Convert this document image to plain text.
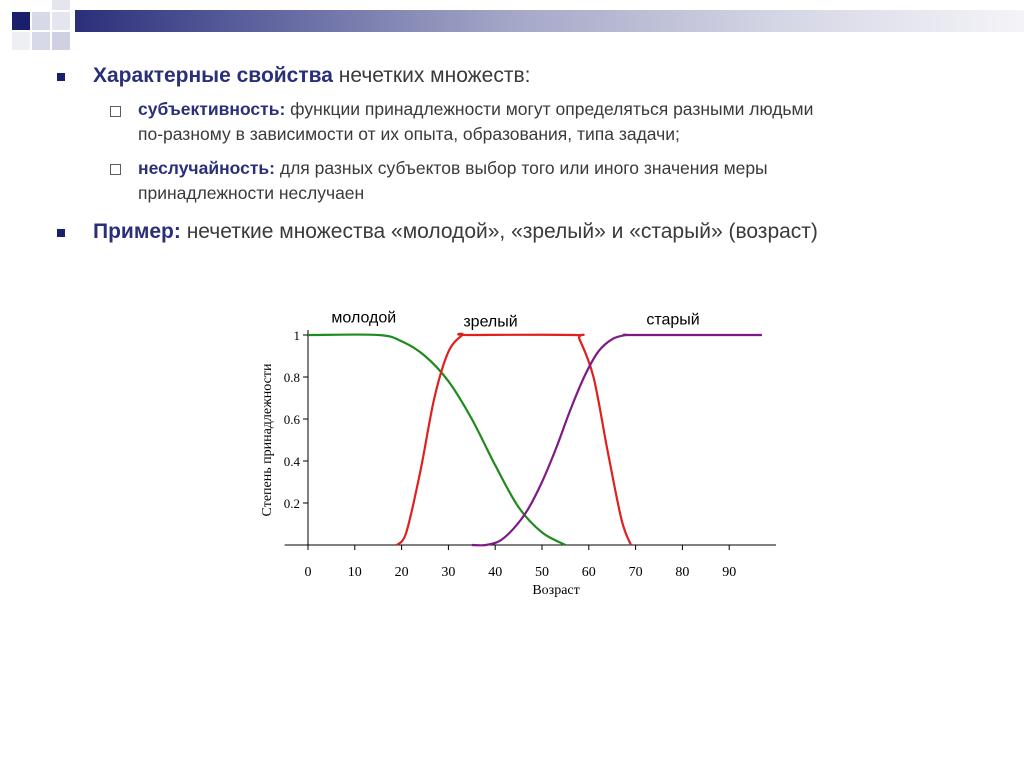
Характерные свойства нечетких множеств:
субъективность: функции принадлежности могут определяться разными людьми
по-разному в зависимости от их опыта, образования, типа задачи;
неслучайность: для разных субъектов выбор того или иного значения меры
принадлежности неслучаен
Пример: нечеткие множества «молодой», «зрелый» и «старый» (возраст)
0	10 20 30 40 50 60 70 80 90
0.2
0.4
0.6
0.8
1
Возраст
Степень принадлежности
молодой	зрелый	старый
